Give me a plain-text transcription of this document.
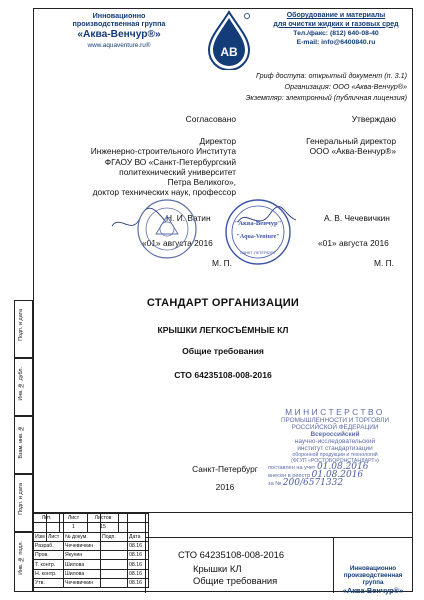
Инновационно
производственная группа
«Аква-Венчур®»
www.aquaventure.ru®	АВ
Оборудование и материалы
для очистки жидких и газовых сред
Тел./факс: (812) 640-08-40
E-mail: info@6400840.ru
Гриф доступа: открытый документ (п. 3.1)
Организация: ООО «Аква-Венчур®»
Экземпляр: электронный (публичная лицензия)
Согласовано
Директор
Инженерно-строительного Института
ФГАОУ ВО «Санкт-Петербургский
политехнический университет
Петра Великого»,
доктор технических наук, профессор
Утверждаю
Генеральный директор
ООО «Аква-Венчур®»
Н. И. Ватин	А. В. Чечевичкин
«01» августа 2016	«01» августа 2016
М. П.	М. П.
"Аква-Венчур"
"Aqua-Venture"
САНКТ-ПЕТЕРБУРГ
СТАНДАРТ ОРГАНИЗАЦИИ
КРЫШКИ ЛЕГКОСЪЁМНЫЕ КЛ
Общие требования
СТО 64235108-008-2016
МИНИСТЕРСТВО
ПРОМЫШЛЕННОСТИ И ТОРГОВЛИ
РОССИЙСКОЙ ФЕДЕРАЦИИ
Всероссийский
научно-исследовательский
институт стандартизации
оборонной продукции и технологий
(ФГУП «РОСТОБОРОНСТАНДАРТ»)
поставлен на учет 01.08.2016
внесен в реестр 01.08.2016
за № 200/6571332
Санкт-Петербург
2016
Подп. и дата
Инв. № дубл.
Взам. инв. №
Подп. и дата
Инв. № подл.

Изм	Лист	№ докум.	Подп.	Дата
Разраб.		Чечевичкин		08.16
Пров.		Якунин		08.16
Т. контр.		Шилова		08.16
Н. контр.		Шилова		08.16
Утв.		Чечевичкин		08.16
СТО 64235108-008-2016
Крышки КЛ
Общие требования
Лит.	Лист	Листов
	1	15
Инновационно
производственная группа
«Аква-Венчур®»
